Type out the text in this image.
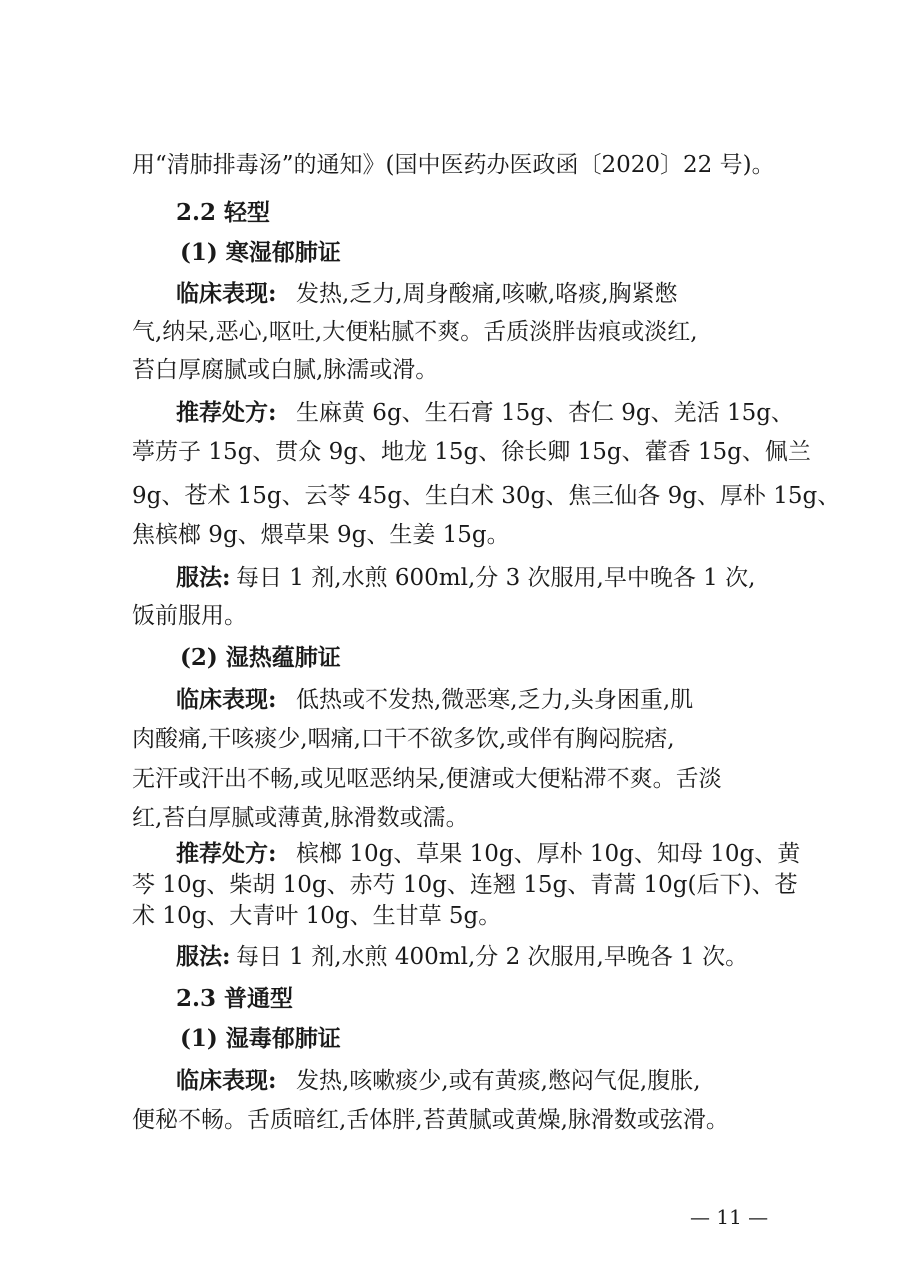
用“清肺排毒汤”的通知》(国中医药办医政函〔2020〕22 号)。
2.2 轻型
(1) 寒湿郁肺证
临床表现: 发热,乏力,周身酸痛,咳嗽,咯痰,胸紧憋
气,纳呆,恶心,呕吐,大便粘腻不爽。舌质淡胖齿痕或淡红,
苔白厚腐腻或白腻,脉濡或滑。
推荐处方: 生麻黄 6g、生石膏 15g、杏仁 9g、羌活 15g、
葶苈子 15g、贯众 9g、地龙 15g、徐长卿 15g、藿香 15g、佩兰
9g、苍术 15g、云苓 45g、生白术 30g、焦三仙各 9g、厚朴 15g、
焦槟榔 9g、煨草果 9g、生姜 15g。
服法: 每日 1 剂,水煎 600ml,分 3 次服用,早中晚各 1 次,
饭前服用。
(2) 湿热蕴肺证
临床表现: 低热或不发热,微恶寒,乏力,头身困重,肌
肉酸痛,干咳痰少,咽痛,口干不欲多饮,或伴有胸闷脘痞,
无汗或汗出不畅,或见呕恶纳呆,便溏或大便粘滞不爽。舌淡
红,苔白厚腻或薄黄,脉滑数或濡。
推荐处方: 槟榔 10g、草果 10g、厚朴 10g、知母 10g、黄
芩 10g、柴胡 10g、赤芍 10g、连翘 15g、青蒿 10g(后下)、苍
术 10g、大青叶 10g、生甘草 5g。
服法: 每日 1 剂,水煎 400ml,分 2 次服用,早晚各 1 次。
2.3 普通型
(1) 湿毒郁肺证
临床表现: 发热,咳嗽痰少,或有黄痰,憋闷气促,腹胀,
便秘不畅。舌质暗红,舌体胖,苔黄腻或黄燥,脉滑数或弦滑。
— 11 —
